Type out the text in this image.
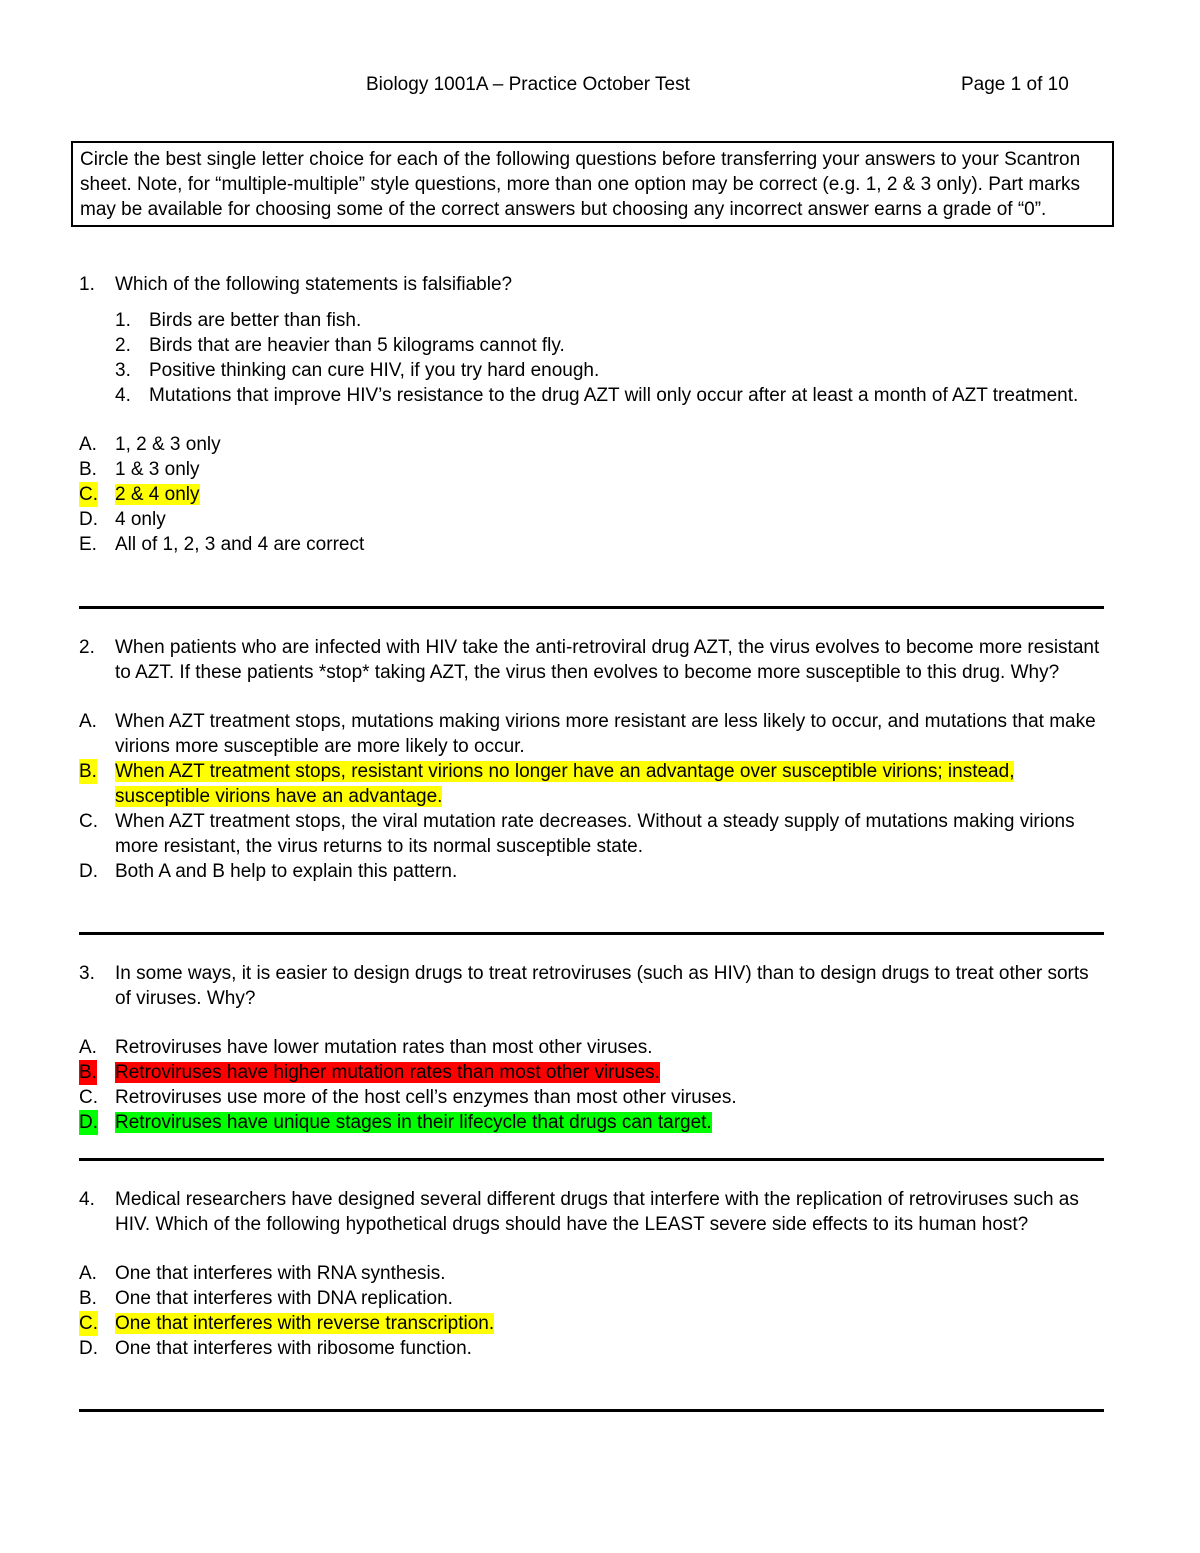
Biology 1001A – Practice October Test	Page 1 of 10
Circle the best single letter choice for each of the following questions before transferring your answers to your Scantron sheet. Note, for “multiple-multiple” style questions, more than one option may be correct (e.g. 1, 2 & 3 only). Part marks may be available for choosing some of the correct answers but choosing any incorrect answer earns a grade of “0”.
1. Which of the following statements is falsifiable?
1. Birds are better than fish.
2. Birds that are heavier than 5 kilograms cannot fly.
3. Positive thinking can cure HIV, if you try hard enough.
4. Mutations that improve HIV’s resistance to the drug AZT will only occur after at least a month of AZT treatment.
A. 1, 2 & 3 only
B. 1 & 3 only
C. 2 & 4 only
D. 4 only
E. All of 1, 2, 3 and 4 are correct
2. When patients who are infected with HIV take the anti-retroviral drug AZT, the virus evolves to become more resistant to AZT. If these patients *stop* taking AZT, the virus then evolves to become more susceptible to this drug. Why?
A. When AZT treatment stops, mutations making virions more resistant are less likely to occur, and mutations that make virions more susceptible are more likely to occur.
B. When AZT treatment stops, resistant virions no longer have an advantage over susceptible virions; instead, susceptible virions have an advantage.
C. When AZT treatment stops, the viral mutation rate decreases. Without a steady supply of mutations making virions more resistant, the virus returns to its normal susceptible state.
D. Both A and B help to explain this pattern.
3. In some ways, it is easier to design drugs to treat retroviruses (such as HIV) than to design drugs to treat other sorts of viruses. Why?
A. Retroviruses have lower mutation rates than most other viruses.
B. Retroviruses have higher mutation rates than most other viruses.
C. Retroviruses use more of the host cell’s enzymes than most other viruses.
D. Retroviruses have unique stages in their lifecycle that drugs can target.
4. Medical researchers have designed several different drugs that interfere with the replication of retroviruses such as HIV. Which of the following hypothetical drugs should have the LEAST severe side effects to its human host?
A. One that interferes with RNA synthesis.
B. One that interferes with DNA replication.
C. One that interferes with reverse transcription.
D. One that interferes with ribosome function.
